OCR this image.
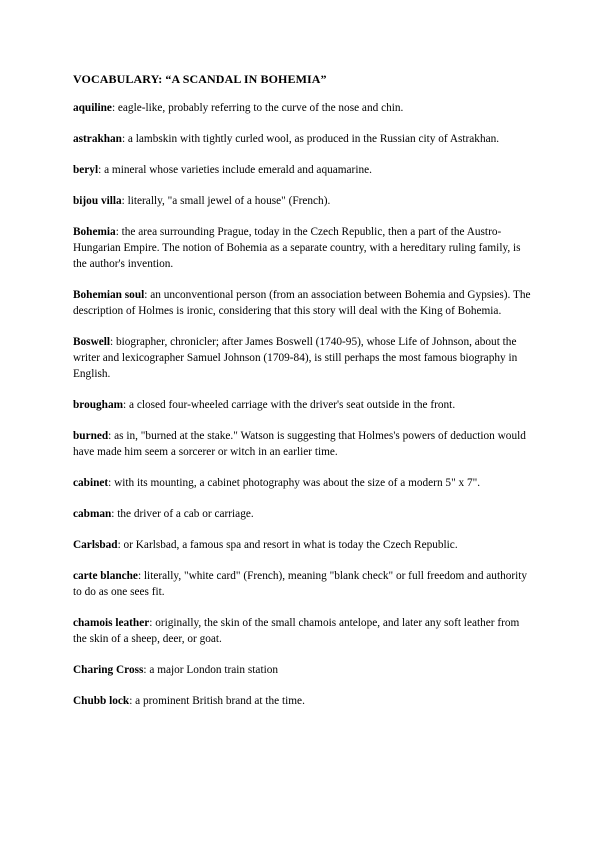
VOCABULARY: “A SCANDAL IN BOHEMIA”
aquiline: eagle-like, probably referring to the curve of the nose and chin.
astrakhan: a lambskin with tightly curled wool, as produced in the Russian city of Astrakhan.
beryl: a mineral whose varieties include emerald and aquamarine.
bijou villa: literally, "a small jewel of a house" (French).
Bohemia: the area surrounding Prague, today in the Czech Republic, then a part of the Austro-Hungarian Empire. The notion of Bohemia as a separate country, with a hereditary ruling family, is the author's invention.
Bohemian soul: an unconventional person (from an association between Bohemia and Gypsies). The description of Holmes is ironic, considering that this story will deal with the King of Bohemia.
Boswell: biographer, chronicler; after James Boswell (1740-95), whose Life of Johnson, about the writer and lexicographer Samuel Johnson (1709-84), is still perhaps the most famous biography in English.
brougham: a closed four-wheeled carriage with the driver's seat outside in the front.
burned: as in, "burned at the stake." Watson is suggesting that Holmes's powers of deduction would have made him seem a sorcerer or witch in an earlier time.
cabinet: with its mounting, a cabinet photography was about the size of a modern 5" x 7".
cabman: the driver of a cab or carriage.
Carlsbad: or Karlsbad, a famous spa and resort in what is today the Czech Republic.
carte blanche: literally, "white card" (French), meaning "blank check" or full freedom and authority to do as one sees fit.
chamois leather: originally, the skin of the small chamois antelope, and later any soft leather from the skin of a sheep, deer, or goat.
Charing Cross: a major London train station
Chubb lock: a prominent British brand at the time.
